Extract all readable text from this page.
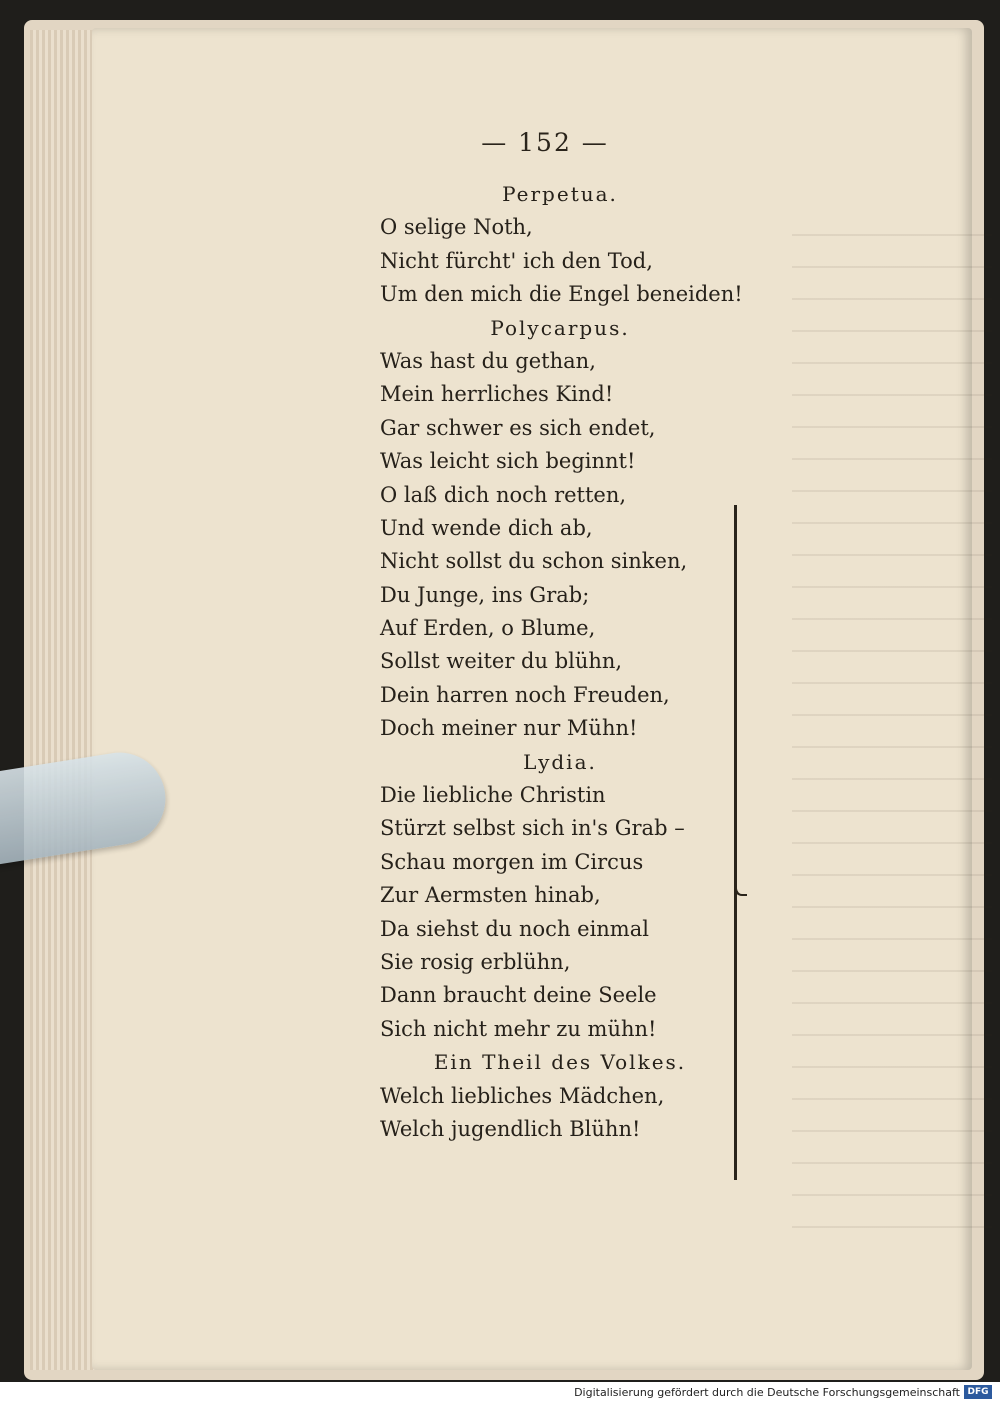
— 152 —
Perpetua.
O selige Noth,
Nicht fürcht' ich den Tod,
Um den mich die Engel beneiden!
Polycarpus.
Was hast du gethan,
Mein herrliches Kind!
Gar schwer es sich endet,
Was leicht sich beginnt!
O laß dich noch retten,
Und wende dich ab,
Nicht sollst du schon sinken,
Du Junge, ins Grab;
Auf Erden, o Blume,
Sollst weiter du blühn,
Dein harren noch Freuden,
Doch meiner nur Mühn!
Lydia.
Die liebliche Christin
Stürzt selbst sich in's Grab –
Schau morgen im Circus
Zur Aermsten hinab,
Da siehst du noch einmal
Sie rosig erblühn,
Dann braucht deine Seele
Sich nicht mehr zu mühn!
Ein Theil des Volkes.
Welch liebliches Mädchen,
Welch jugendlich Blühn!
Digitalisierung gefördert durch die Deutsche Forschungsgemeinschaft DFG
